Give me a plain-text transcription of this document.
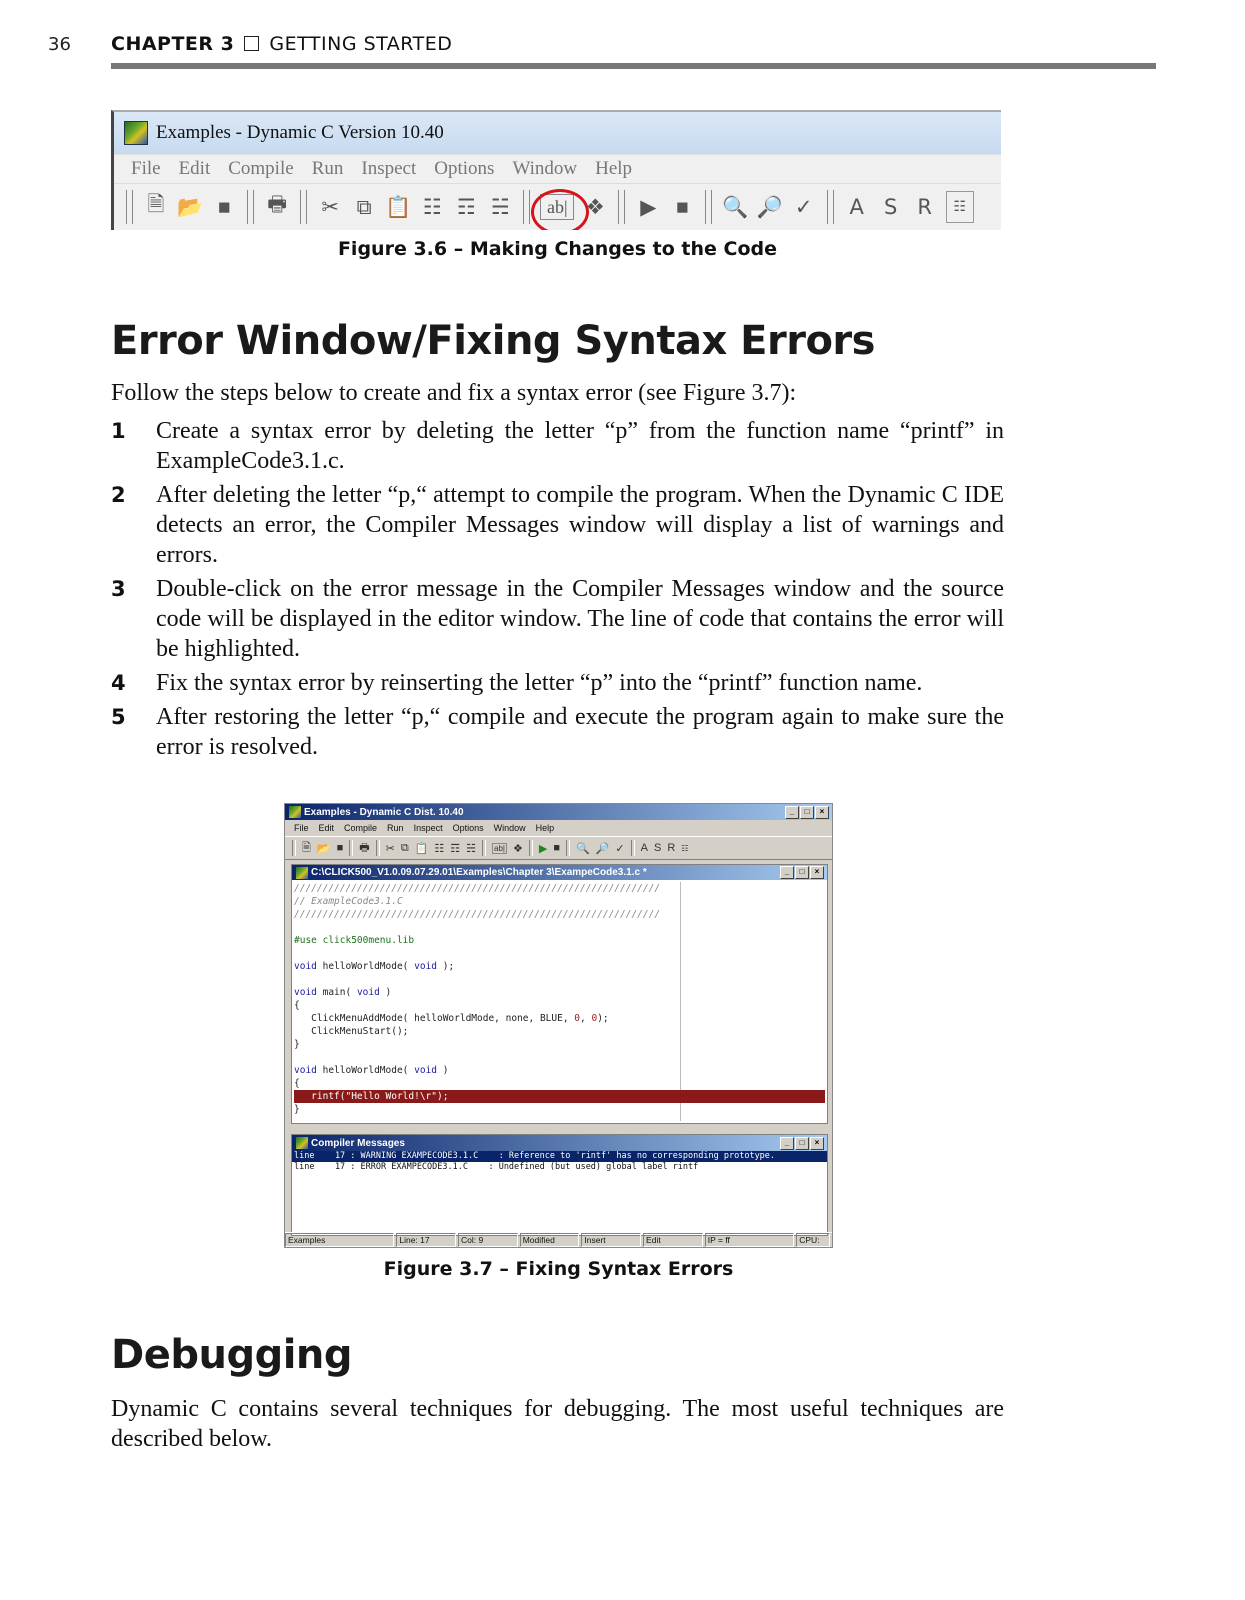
36 CHAPTER 3 GETTING STARTED
Examples - Dynamic C Version 10.40
File Edit Compile Run Inspect Options Window Help
🗎 📂 ■	🖶 ✂ ⧉ 📋 ☷ ☶ ☵ ab| ❖ ▶ ■	🔍 🔎 ✓ A S R	☷
Figure 3.6 – Making Changes to the Code
Error Window/Fixing Syntax Errors
Follow the steps below to create and fix a syntax error (see Figure 3.7):
1 Create a syntax error by deleting the letter “p” from the function name “printf” in ExampleCode3.1.c.
2 After deleting the letter “p,“ attempt to compile the program. When the Dynamic C IDE detects an error, the Compiler Messages window will display a list of warnings and errors.
3 Double-click on the error message in the Compiler Messages window and the source code will be displayed in the editor window. The line of code that contains the error will be highlighted.
4 Fix the syntax error by reinserting the letter “p” into the “printf” function name.
5 After restoring the letter “p,“ compile and execute the program again to make sure the error is resolved.
Examples - Dynamic C Dist. 10.40	_	□	×
File Edit Compile Run Inspect Options Window Help
🗎 📂 ■ 🖶 ✂ ⧉ 📋 ☷ ☶ ☵ ab| ❖ ▶ ■ 🔍 🔎 ✓ A S R ☷
C:\CLICK500_V1.0.09.07.29.01\Examples\Chapter 3\ExampeCode3.1.c *	_	□	×
////////////////////////////////////////////////////////////////
// ExampleCode3.1.C
////////////////////////////////////////////////////////////////

#use click500menu.lib

void helloWorldMode( void );

void main( void )
{
ClickMenuAddMode( helloWorldMode, none, BLUE, 0, 0);
ClickMenuStart();
}

void helloWorldMode( void )
{

rintf("Hello World!\r");
}
Compiler Messages	_	□	×
line    17 : WARNING EXAMPECODE3.1.C    : Reference to 'rintf' has no corresponding prototype.
line    17 : ERROR EXAMPECODE3.1.C    : Undefined (but used) global label rintf
Examples	Line: 17	Col: 9	Modified	Insert	Edit	IP = ff	CPU:
Figure 3.7 – Fixing Syntax Errors
Debugging
Dynamic C contains several techniques for debugging. The most useful techniques are described below.
